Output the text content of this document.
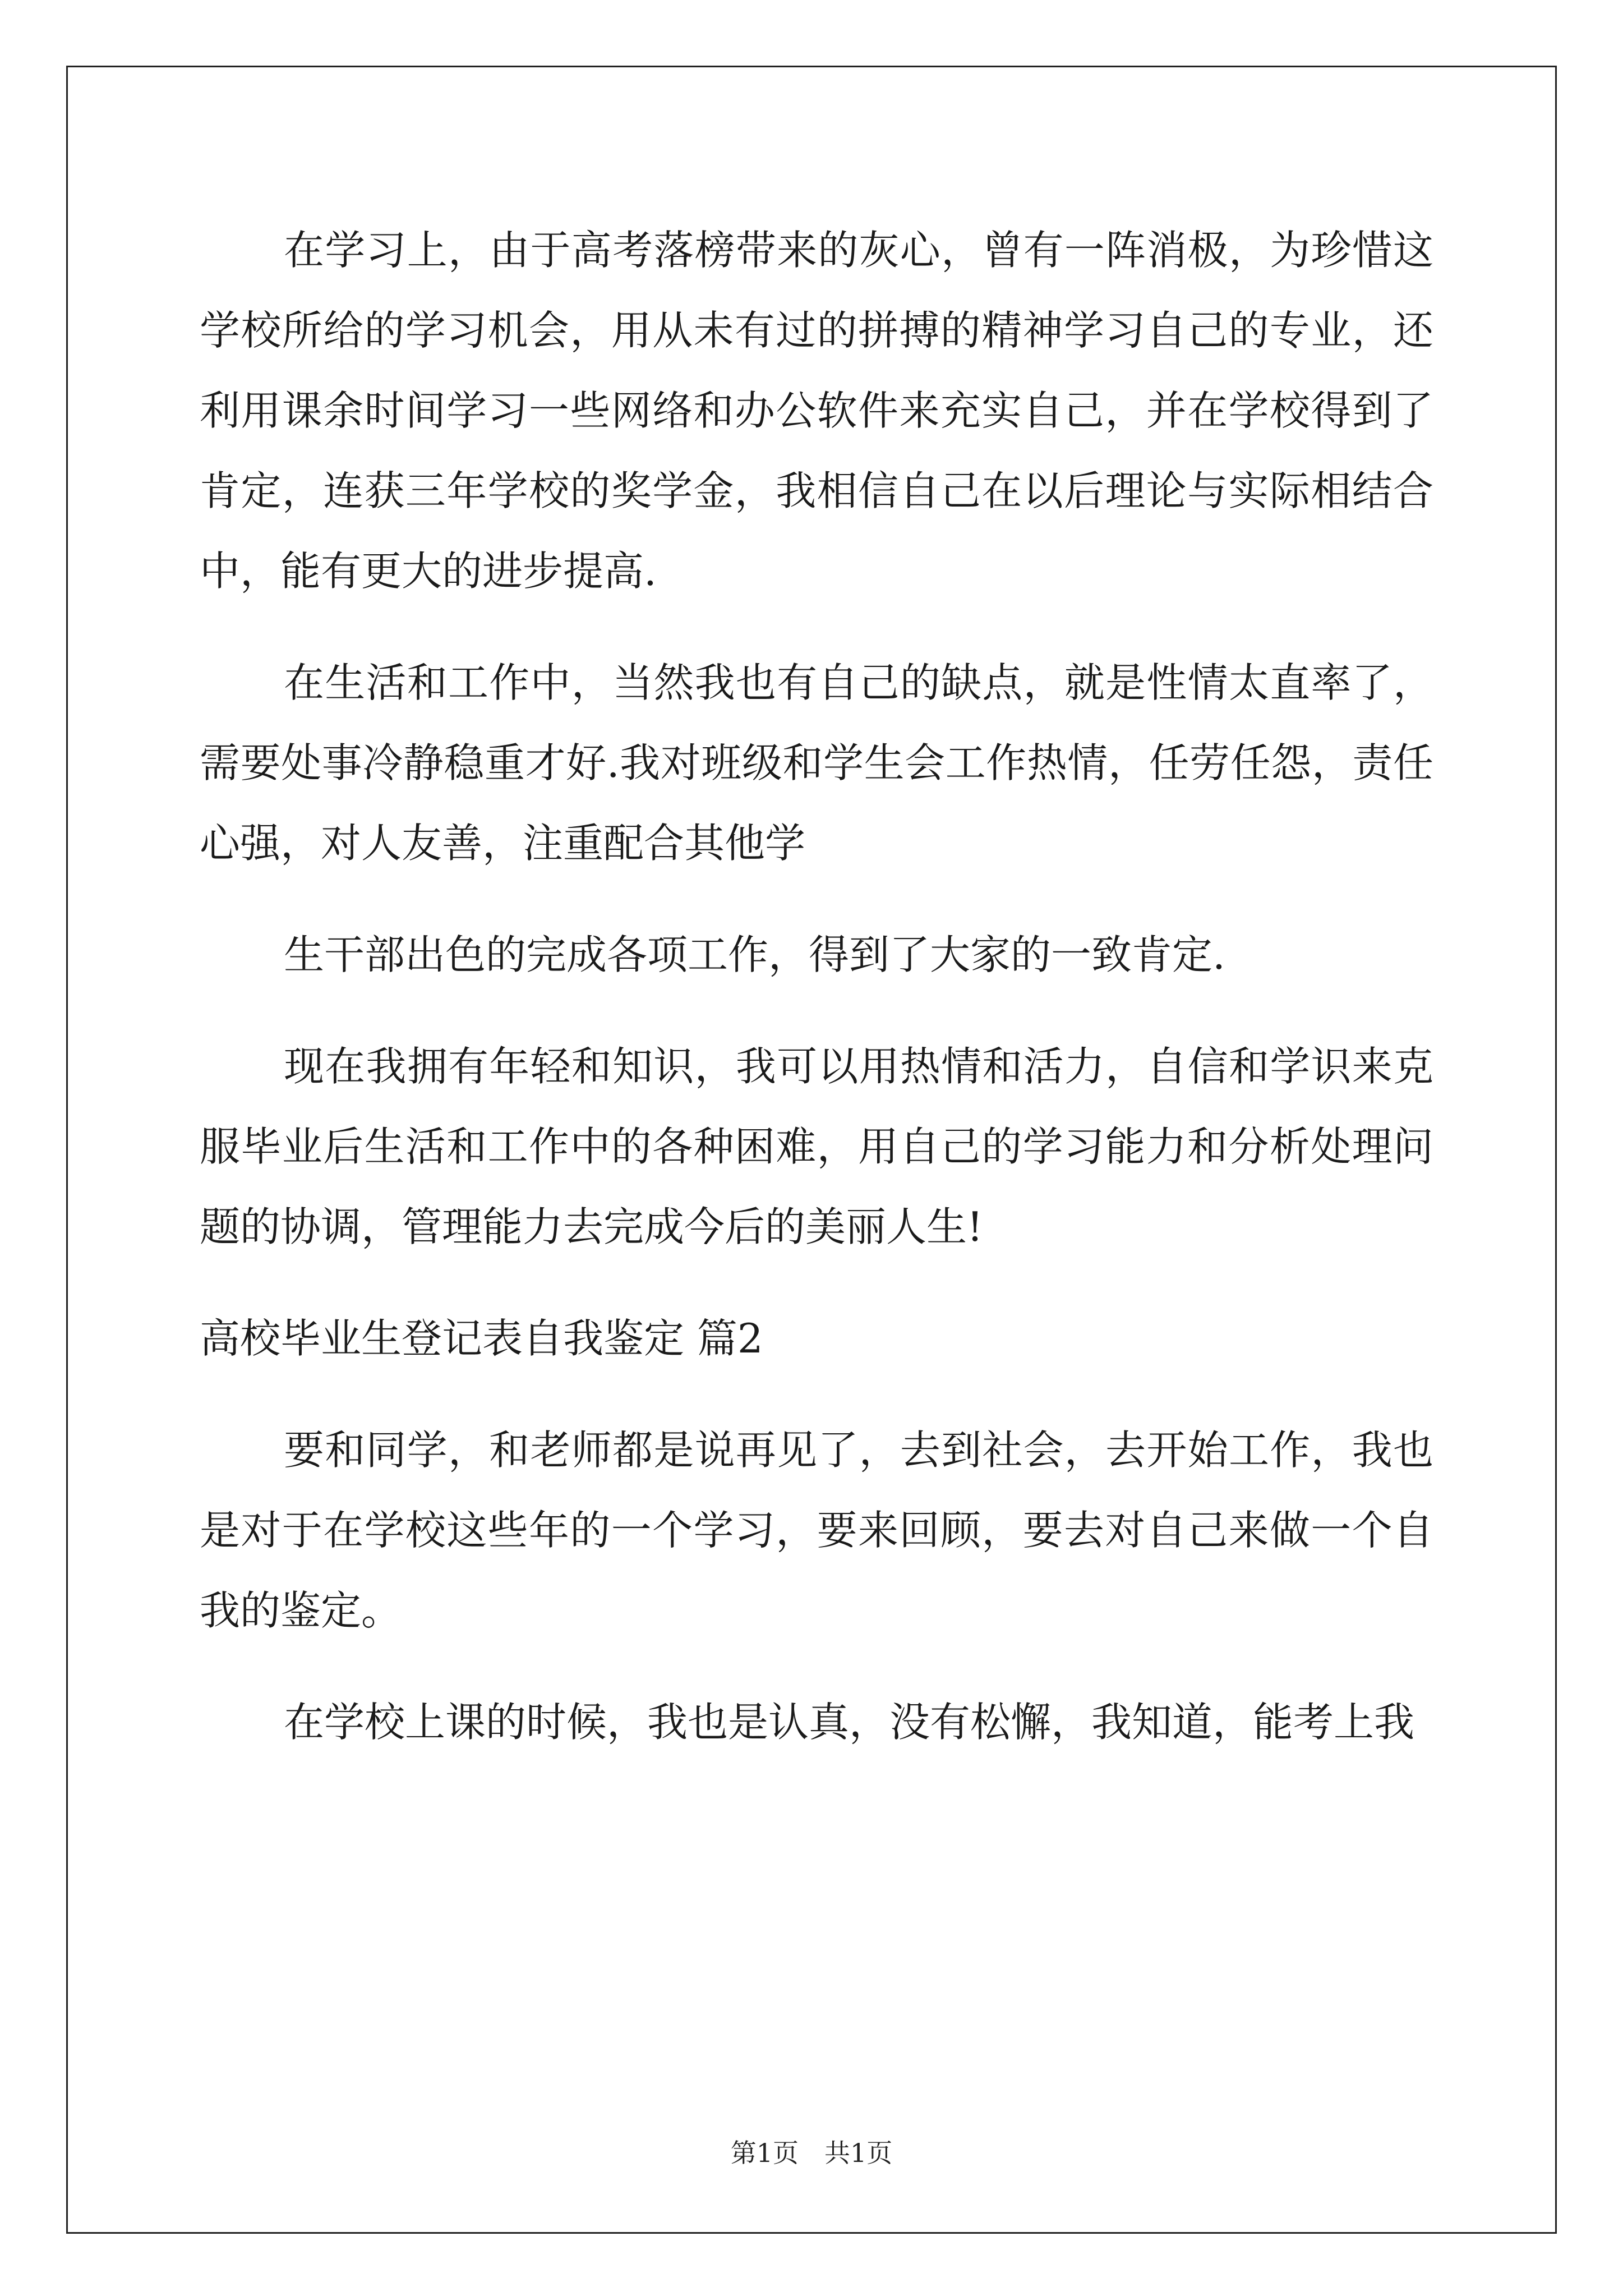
在学习上，由于高考落榜带来的灰心，曾有一阵消极，为珍惜这学校所给的学习机会，用从未有过的拼搏的精神学习自己的专业，还利用课余时间学习一些网络和办公软件来充实自己，并在学校得到了肯定，连获三年学校的奖学金，我相信自己在以后理论与实际相结合中，能有更大的进步提高.

在生活和工作中，当然我也有自己的缺点，就是性情太直率了，需要处事冷静稳重才好.我对班级和学生会工作热情，任劳任怨，责任心强，对人友善，注重配合其他学

生干部出色的完成各项工作，得到了大家的一致肯定.

现在我拥有年轻和知识，我可以用热情和活力，自信和学识来克服毕业后生活和工作中的各种困难，用自己的学习能力和分析处理问题的协调，管理能力去完成今后的美丽人生!

高校毕业生登记表自我鉴定 篇2

要和同学，和老师都是说再见了，去到社会，去开始工作，我也是对于在学校这些年的一个学习，要来回顾，要去对自己来做一个自我的鉴定。

在学校上课的时候，我也是认真，没有松懈，我知道，能考上我

第1页　共1页
